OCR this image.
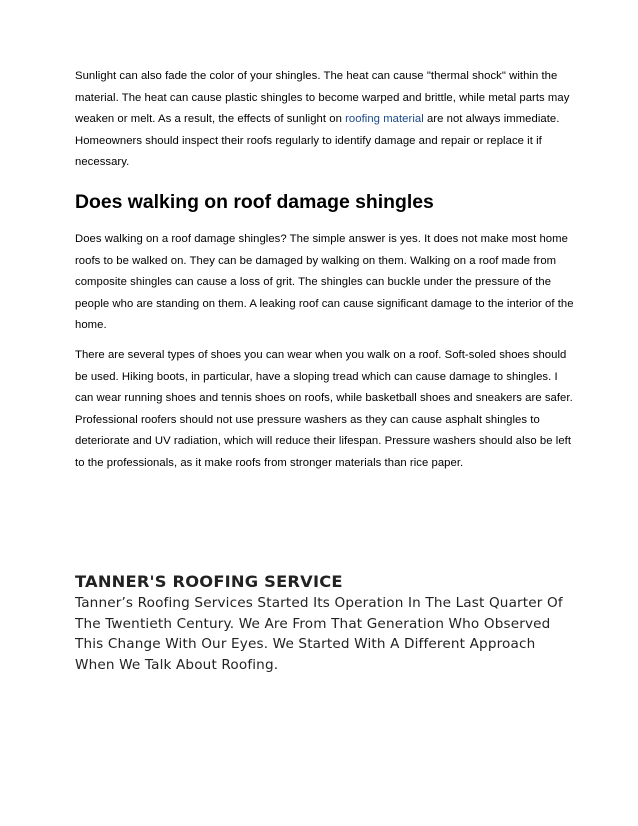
Sunlight can also fade the color of your shingles. The heat can cause "thermal shock" within the material. The heat can cause plastic shingles to become warped and brittle, while metal parts may weaken or melt. As a result, the effects of sunlight on roofing material are not always immediate. Homeowners should inspect their roofs regularly to identify damage and repair or replace it if necessary.

Does walking on roof damage shingles

Does walking on a roof damage shingles? The simple answer is yes. It does not make most home roofs to be walked on. They can be damaged by walking on them. Walking on a roof made from composite shingles can cause a loss of grit. The shingles can buckle under the pressure of the people who are standing on them. A leaking roof can cause significant damage to the interior of the home.

There are several types of shoes you can wear when you walk on a roof. Soft-soled shoes should be used. Hiking boots, in particular, have a sloping tread which can cause damage to shingles. I can wear running shoes and tennis shoes on roofs, while basketball shoes and sneakers are safer. Professional roofers should not use pressure washers as they can cause asphalt shingles to deteriorate and UV radiation, which will reduce their lifespan. Pressure washers should also be left to the professionals, as it make roofs from stronger materials than rice paper.

TANNER'S ROOFING SERVICE

Tanner’s Roofing Services Started Its Operation In The Last Quarter Of The Twentieth Century. We Are From That Generation Who Observed This Change With Our Eyes. We Started With A Different Approach When We Talk About Roofing.
